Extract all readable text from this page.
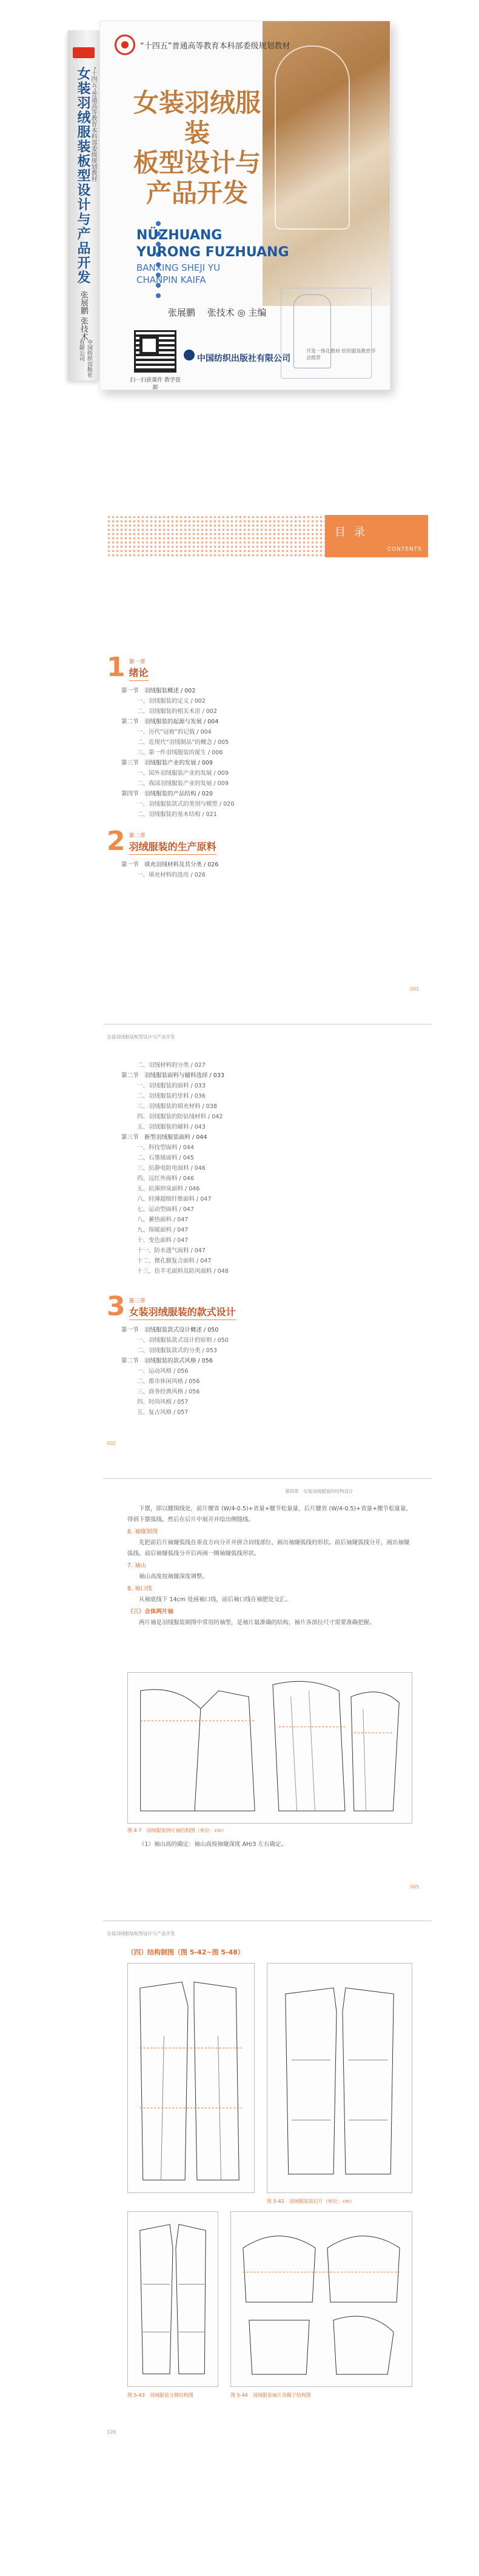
女装羽绒服装板型设计与产品开发 “十四五”普通高等教育本科部委级规划教材
张展鹏 张技术
中国纺织出版社有限公司
“十四五”普通高等教育本科部委级规划教材
女装羽绒服装
板型设计与
产品开发
NÜZHUANG
YURONG FUZHUANG
BANXING SHEJI YU
CHANPIN KAIFA
张展鹏 　张技术 ◎ 主编
扫一扫获课件 教学资源
中国纺织出版社有限公司
开发一体化教材 纺织服装教育学会推荐
目 录
CONTENTS
1 第一章
绪论
第一节　羽绒服装概述 / 002
一、羽绒服装的定义 / 002
二、羽绒服装的相关术语 / 002
第二节　羽绒服装的起源与发展 / 004
一、历代“冠袍”的记载 / 004
二、近现代“羽绒制品”的概念 / 005
三、第一件羽绒服装的诞生 / 006
第三节　羽绒服装产业的发展 / 009
一、国外羽绒服装产业的发展 / 009
二、我国羽绒服装产业的发展 / 009
第四节　羽绒服装的产品结构 / 020
一、羽绒服装款式的类别与模型 / 020
二、羽绒服装的基本结构 / 021
2 第二章
羽绒服装的生产原料
第一节　填充羽绒材料及其分类 / 026
一、填充材料的选用 / 026
001
女装羽绒服装板型设计与产品开发
二、羽绒材料的分类 / 027
第二节　羽绒服装面料与辅料选择 / 033
一、羽绒服装的面料 / 033
二、羽绒服装的里料 / 036
三、羽绒服装的填充材料 / 038
四、羽绒服装的防钻绒材料 / 042
五、羽绒服装的辅料 / 043
第三节　新型羽绒服装面料 / 044
一、科技型面料 / 044
二、石墨烯面料 / 045
三、抗静电防电面料 / 046
四、远红外面料 / 046
五、抗菌抑臭面料 / 046
六、轻薄超细纤维面料 / 047
七、运动型面料 / 047
八、蓄热面料 / 047
九、保暖面料 / 047
十、变色面料 / 047
十一、防水透气面料 / 047
十二、微孔膜复合面料 / 047
十三、仿羊毛面料及防风面料 / 048
3 第三章
女装羽绒服装的款式设计
第一节　羽绒服装款式设计概述 / 050
一、羽绒服装款式设计的原则 / 050
二、羽绒服装款式的分类 / 053
第二节　羽绒服装的款式风格 / 056
一、运动风格 / 056
二、都市休闲风格 / 056
三、商务经典风格 / 056
四、时尚风格 / 057
五、复古风格 / 057
002
第四章　女装羽绒服装的结构设计

下摆，即以腰围线处，前片腰省 (W/4-0.5)+省量+腰节松量量，后片腰省 (W/4-0.5)+省量+腰节松量量，得到下摆弧线。然后在后片中展开并绘出侧缝线。

6. 袖窿制图

先把前后片袖窿弧线在垂直方向分开并拼合肩线部位，画出袖窿弧线的形状。前后袖窿弧线分开，画出袖窿弧线。前后袖窿弧线分开后再画一圈袖窿弧线形状。

7. 袖山

袖山高度按袖窿深度调整。

8. 袖口线

从袖底线下 14cm 处画袖口线，前后袖口线在袖肥处交汇。

（三）合体两片袖

两片袖是羽绒服装制图中常用的袖型，是袖片最准确的结构，袖片各部位尺寸需要准确把握。

图 4-7　羽绒服装两片袖结构图（单位：cm）

（1）袖山高的确定：袖山高按袖窿深度 AH/3 左右确定。

065
女装羽绒服装板型设计与产品开发
（四）结构制图（图 5-42~图 5-48）
图 5-42　羽绒服装前后片（单位：cm）
图 5-43　羽绒服装分割结构图	图 5-44　羽绒服装袖片及帽子结构图
126
